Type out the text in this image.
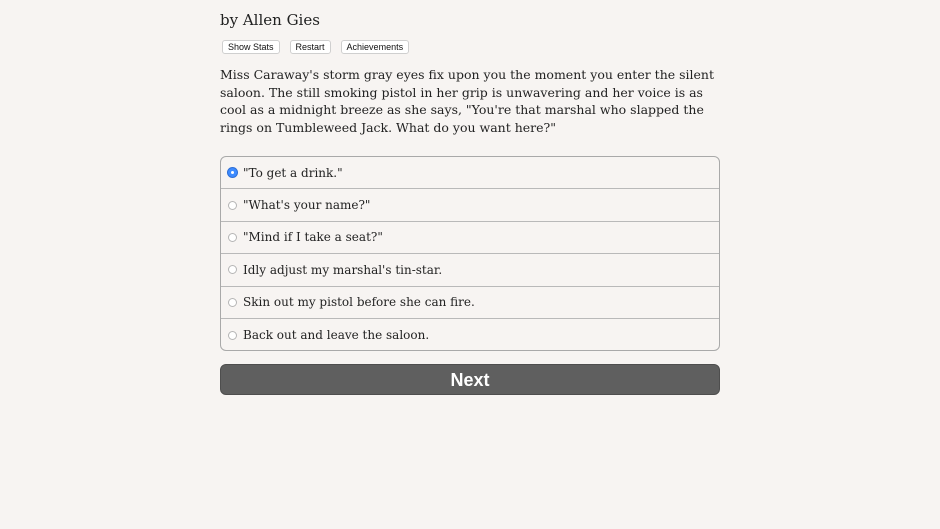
by Allen Gies
Show Stats	Restart	Achievements
Miss Caraway's storm gray eyes fix upon you the moment you enter the silent saloon. The still smoking pistol in her grip is unwavering and her voice is as cool as a midnight breeze as she says, "You're that marshal who slapped the rings on Tumbleweed Jack. What do you want here?"
"To get a drink."
"What's your name?"
"Mind if I take a seat?"
Idly adjust my marshal's tin-star.
Skin out my pistol before she can fire.
Back out and leave the saloon.
Next
